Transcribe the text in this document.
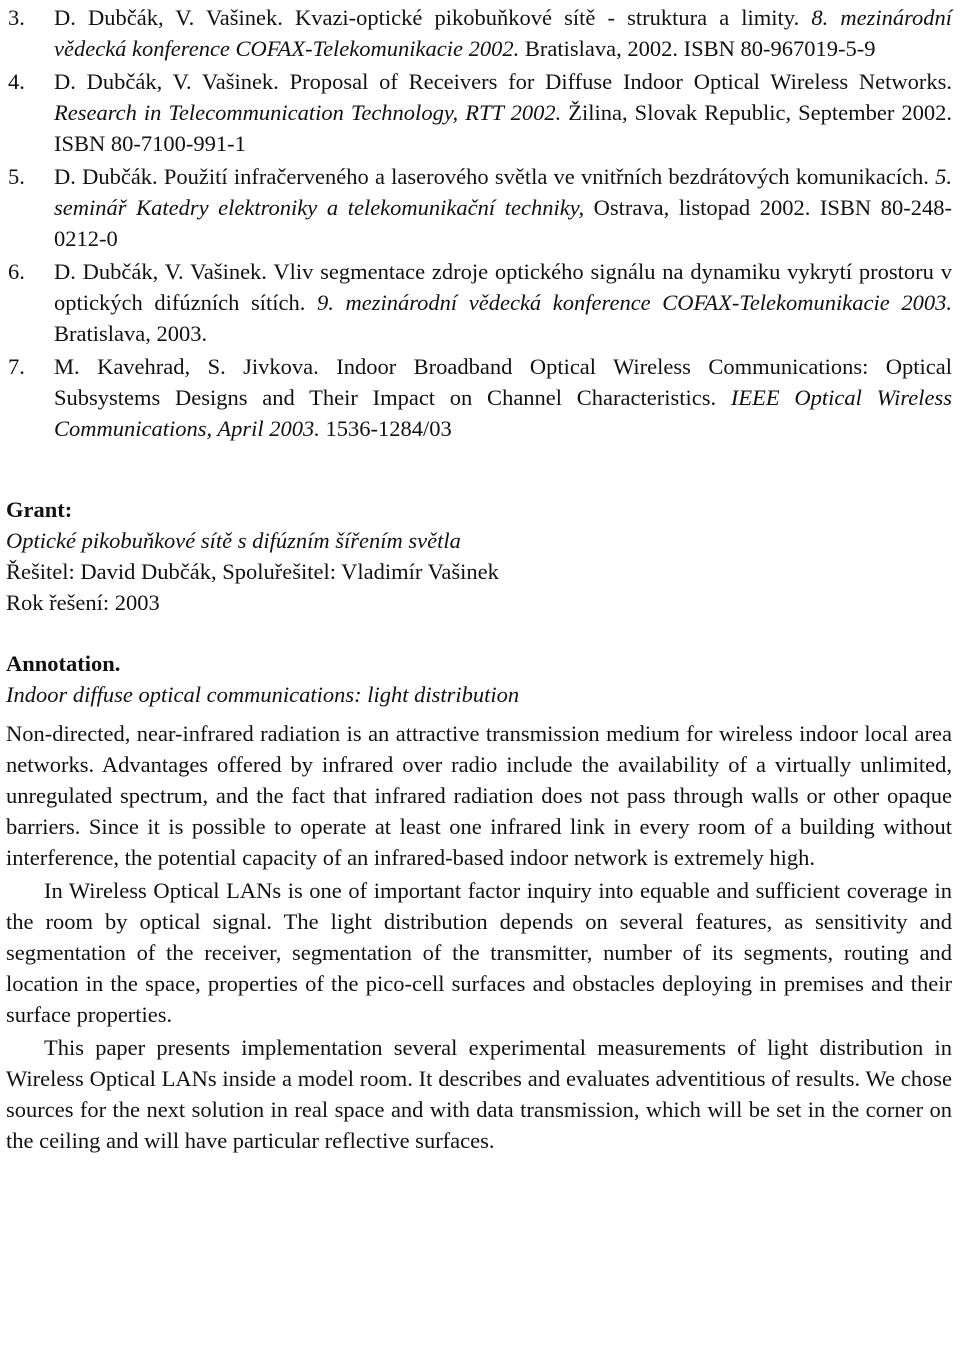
3. D. Dubčák, V. Vašinek. Kvazi-optické pikobuňkové sítě - struktura a limity. 8. mezinárodní vědecká konference COFAX-Telekomunikacie 2002. Bratislava, 2002. ISBN 80-967019-5-9
4. D. Dubčák, V. Vašinek. Proposal of Receivers for Diffuse Indoor Optical Wireless Networks. Research in Telecommunication Technology, RTT 2002. Žilina, Slovak Republic, September 2002. ISBN 80-7100-991-1
5. D. Dubčák. Použití infračerveného a laserového světla ve vnitřních bezdrátových komunikacích. 5. seminář Katedry elektroniky a telekomunikační techniky, Ostrava, listopad 2002. ISBN 80-248-0212-0
6. D. Dubčák, V. Vašinek. Vliv segmentace zdroje optického signálu na dynamiku vykrytí prostoru v optických difúzních sítích. 9. mezinárodní vědecká konference COFAX-Telekomunikacie 2003. Bratislava, 2003.
7. M. Kavehrad, S. Jivkova. Indoor Broadband Optical Wireless Communications: Optical Subsystems Designs and Their Impact on Channel Characteristics. IEEE Optical Wireless Communications, April 2003. 1536-1284/03

Grant:

Optické pikobuňkové sítě s difúzním šířením světla

Řešitel: David Dubčák, Spoluřešitel: Vladimír Vašinek

Rok řešení: 2003

Annotation.

Indoor diffuse optical communications: light distribution

Non-directed, near-infrared radiation is an attractive transmission medium for wireless indoor local area networks. Advantages offered by infrared over radio include the availability of a virtually unlimited, unregulated spectrum, and the fact that infrared radiation does not pass through walls or other opaque barriers. Since it is possible to operate at least one infrared link in every room of a building without interference, the potential capacity of an infrared-based indoor network is extremely high.

In Wireless Optical LANs is one of important factor inquiry into equable and sufficient coverage in the room by optical signal. The light distribution depends on several features, as sensitivity and segmentation of the receiver, segmentation of the transmitter, number of its segments, routing and location in the space, properties of the pico-cell surfaces and obstacles deploying in premises and their surface properties.

This paper presents implementation several experimental measurements of light distribution in Wireless Optical LANs inside a model room. It describes and evaluates adventitious of results. We chose sources for the next solution in real space and with data transmission, which will be set in the corner on the ceiling and will have particular reflective surfaces.
